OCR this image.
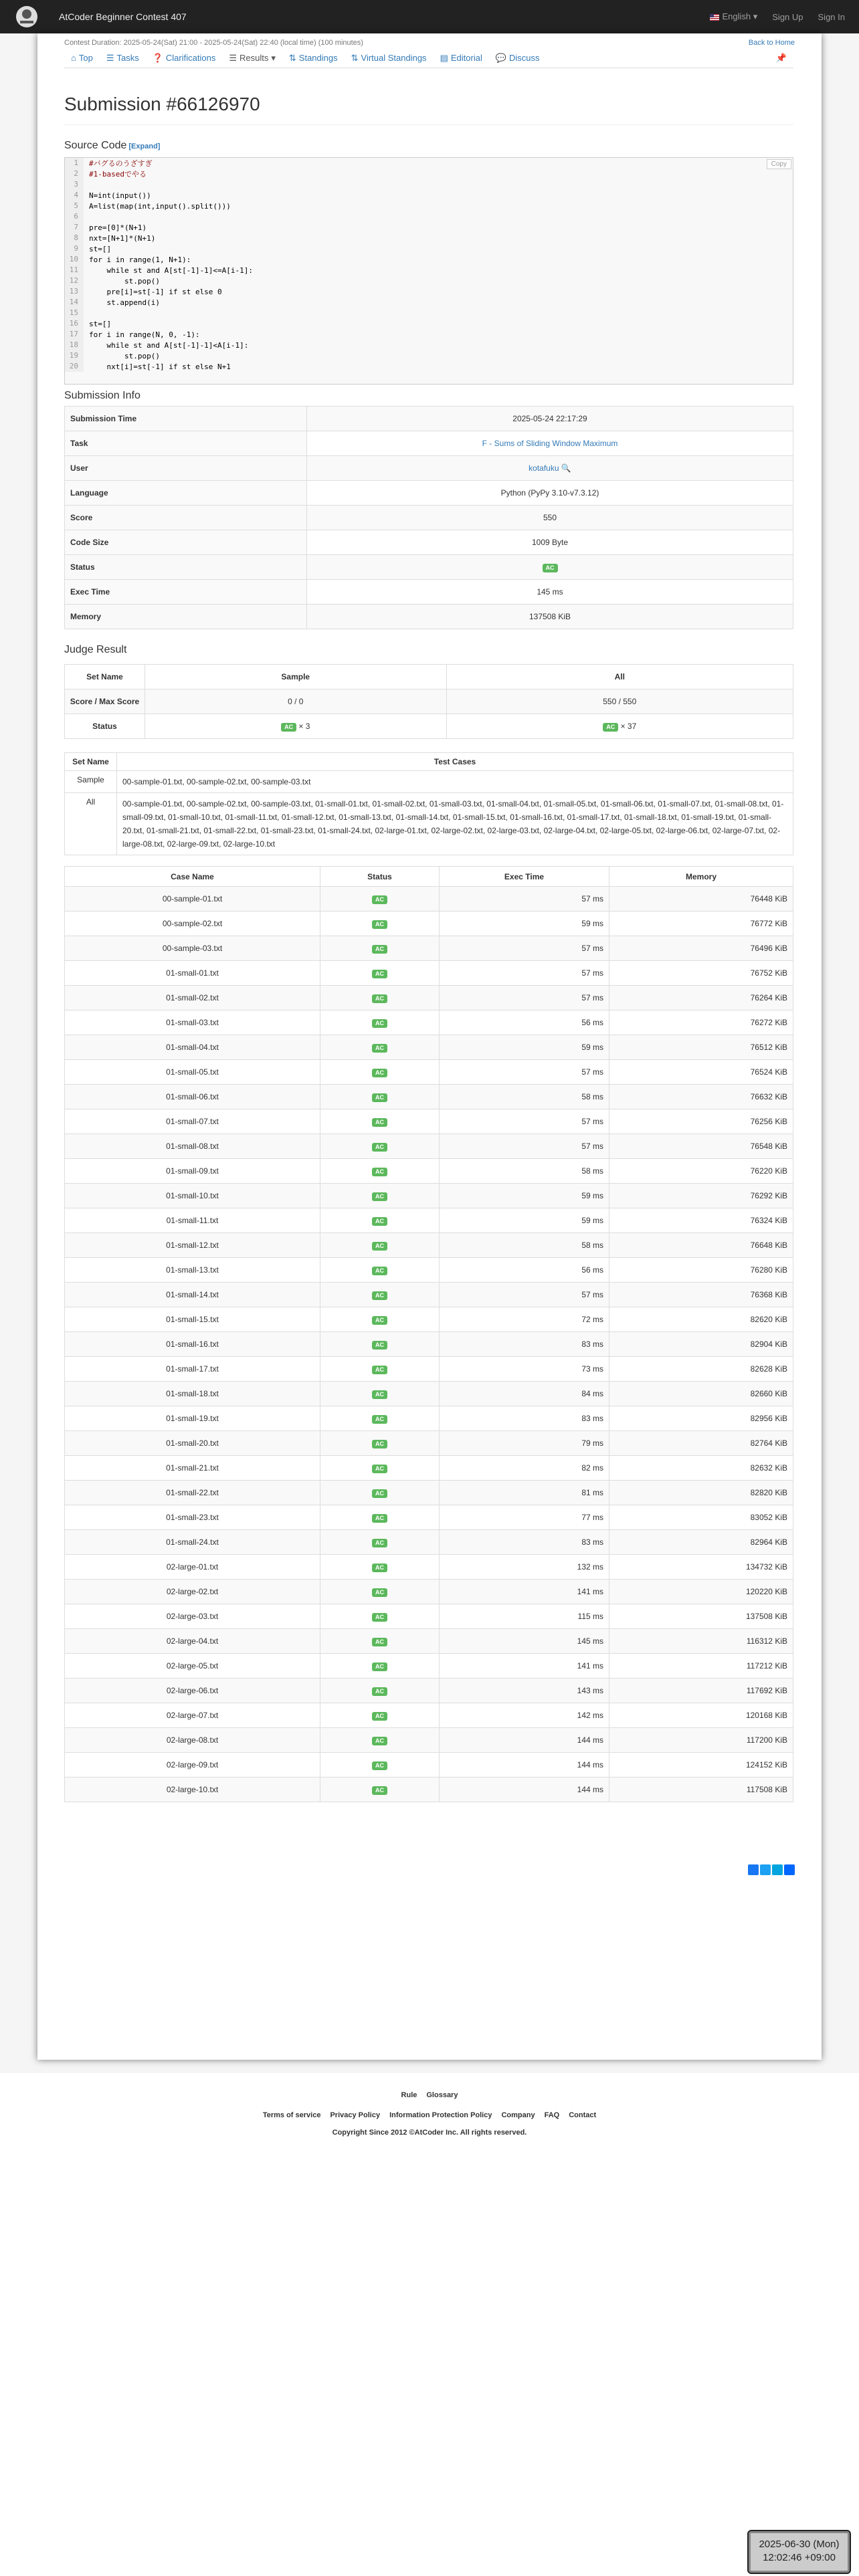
AtCoder Beginner Contest 407	English ▾	Sign Up	Sign In
Contest Duration: 2025-05-24(Sat) 21:00 - 2025-05-24(Sat) 22:40 (local time) (100 minutes)	Back to Home
⌂ Top ☰ Tasks ❓ Clarifications ☰ Results ▾ ⇅ Standings ⇅ Virtual Standings ▤ Editorial 💬 Discuss	📌
Submission #66126970
Source Code [Expand]
Copy
1	#バグるのうざすぎ
2	#1-basedでやる
3
4	N=int(input())
5	A=list(map(int,input().split()))
6
7	pre=[0]*(N+1)
8	nxt=[N+1]*(N+1)
9	st=[]
10	for i in range(1, N+1):
11	while st and A[st[-1]-1]<=A[i-1]:
12	st.pop()
13	pre[i]=st[-1] if st else 0
14	st.append(i)
15
16	st=[]
17	for i in range(N, 0, -1):
18	while st and A[st[-1]-1]<A[i-1]:
19	st.pop()
20	nxt[i]=st[-1] if st else N+1
Submission Info
Submission Time	2025-05-24 22:17:29
Task	F - Sums of Sliding Window Maximum
User	kotafuku 🔍
Language	Python (PyPy 3.10-v7.3.12)
Score	550
Code Size	1009 Byte
Status	AC
Exec Time	145 ms
Memory	137508 KiB
Judge Result
Set Name	Sample	All
Score / Max Score	0 / 0	550 / 550
Status	AC × 3	AC × 37
Set Name	Test Cases
Sample	00-sample-01.txt, 00-sample-02.txt, 00-sample-03.txt
All	00-sample-01.txt, 00-sample-02.txt, 00-sample-03.txt, 01-small-01.txt, 01-small-02.txt, 01-small-03.txt, 01-small-04.txt, 01-small-05.txt, 01-small-06.txt, 01-small-07.txt, 01-small-08.txt, 01-small-09.txt, 01-small-10.txt, 01-small-11.txt, 01-small-12.txt, 01-small-13.txt, 01-small-14.txt, 01-small-15.txt, 01-small-16.txt, 01-small-17.txt, 01-small-18.txt, 01-small-19.txt, 01-small-20.txt, 01-small-21.txt, 01-small-22.txt, 01-small-23.txt, 01-small-24.txt, 02-large-01.txt, 02-large-02.txt, 02-large-03.txt, 02-large-04.txt, 02-large-05.txt, 02-large-06.txt, 02-large-07.txt, 02-large-08.txt, 02-large-09.txt, 02-large-10.txt
Case Name	Status	Exec Time	Memory
00-sample-01.txt	AC	57 ms	76448 KiB
00-sample-02.txt	AC	59 ms	76772 KiB
00-sample-03.txt	AC	57 ms	76496 KiB
01-small-01.txt	AC	57 ms	76752 KiB
01-small-02.txt	AC	57 ms	76264 KiB
01-small-03.txt	AC	56 ms	76272 KiB
01-small-04.txt	AC	59 ms	76512 KiB
01-small-05.txt	AC	57 ms	76524 KiB
01-small-06.txt	AC	58 ms	76632 KiB
01-small-07.txt	AC	57 ms	76256 KiB
01-small-08.txt	AC	57 ms	76548 KiB
01-small-09.txt	AC	58 ms	76220 KiB
01-small-10.txt	AC	59 ms	76292 KiB
01-small-11.txt	AC	59 ms	76324 KiB
01-small-12.txt	AC	58 ms	76648 KiB
01-small-13.txt	AC	56 ms	76280 KiB
01-small-14.txt	AC	57 ms	76368 KiB
01-small-15.txt	AC	72 ms	82620 KiB
01-small-16.txt	AC	83 ms	82904 KiB
01-small-17.txt	AC	73 ms	82628 KiB
01-small-18.txt	AC	84 ms	82660 KiB
01-small-19.txt	AC	83 ms	82956 KiB
01-small-20.txt	AC	79 ms	82764 KiB
01-small-21.txt	AC	82 ms	82632 KiB
01-small-22.txt	AC	81 ms	82820 KiB
01-small-23.txt	AC	77 ms	83052 KiB
01-small-24.txt	AC	83 ms	82964 KiB
02-large-01.txt	AC	132 ms	134732 KiB
02-large-02.txt	AC	141 ms	120220 KiB
02-large-03.txt	AC	115 ms	137508 KiB
02-large-04.txt	AC	145 ms	116312 KiB
02-large-05.txt	AC	141 ms	117212 KiB
02-large-06.txt	AC	143 ms	117692 KiB
02-large-07.txt	AC	142 ms	120168 KiB
02-large-08.txt	AC	144 ms	117200 KiB
02-large-09.txt	AC	144 ms	124152 KiB
02-large-10.txt	AC	144 ms	117508 KiB
Rule Glossary
Terms of service Privacy Policy Information Protection Policy Company FAQ Contact
Copyright Since 2012 ©AtCoder Inc. All rights reserved.
2025-06-30 (Mon)
12:02:46 +09:00
